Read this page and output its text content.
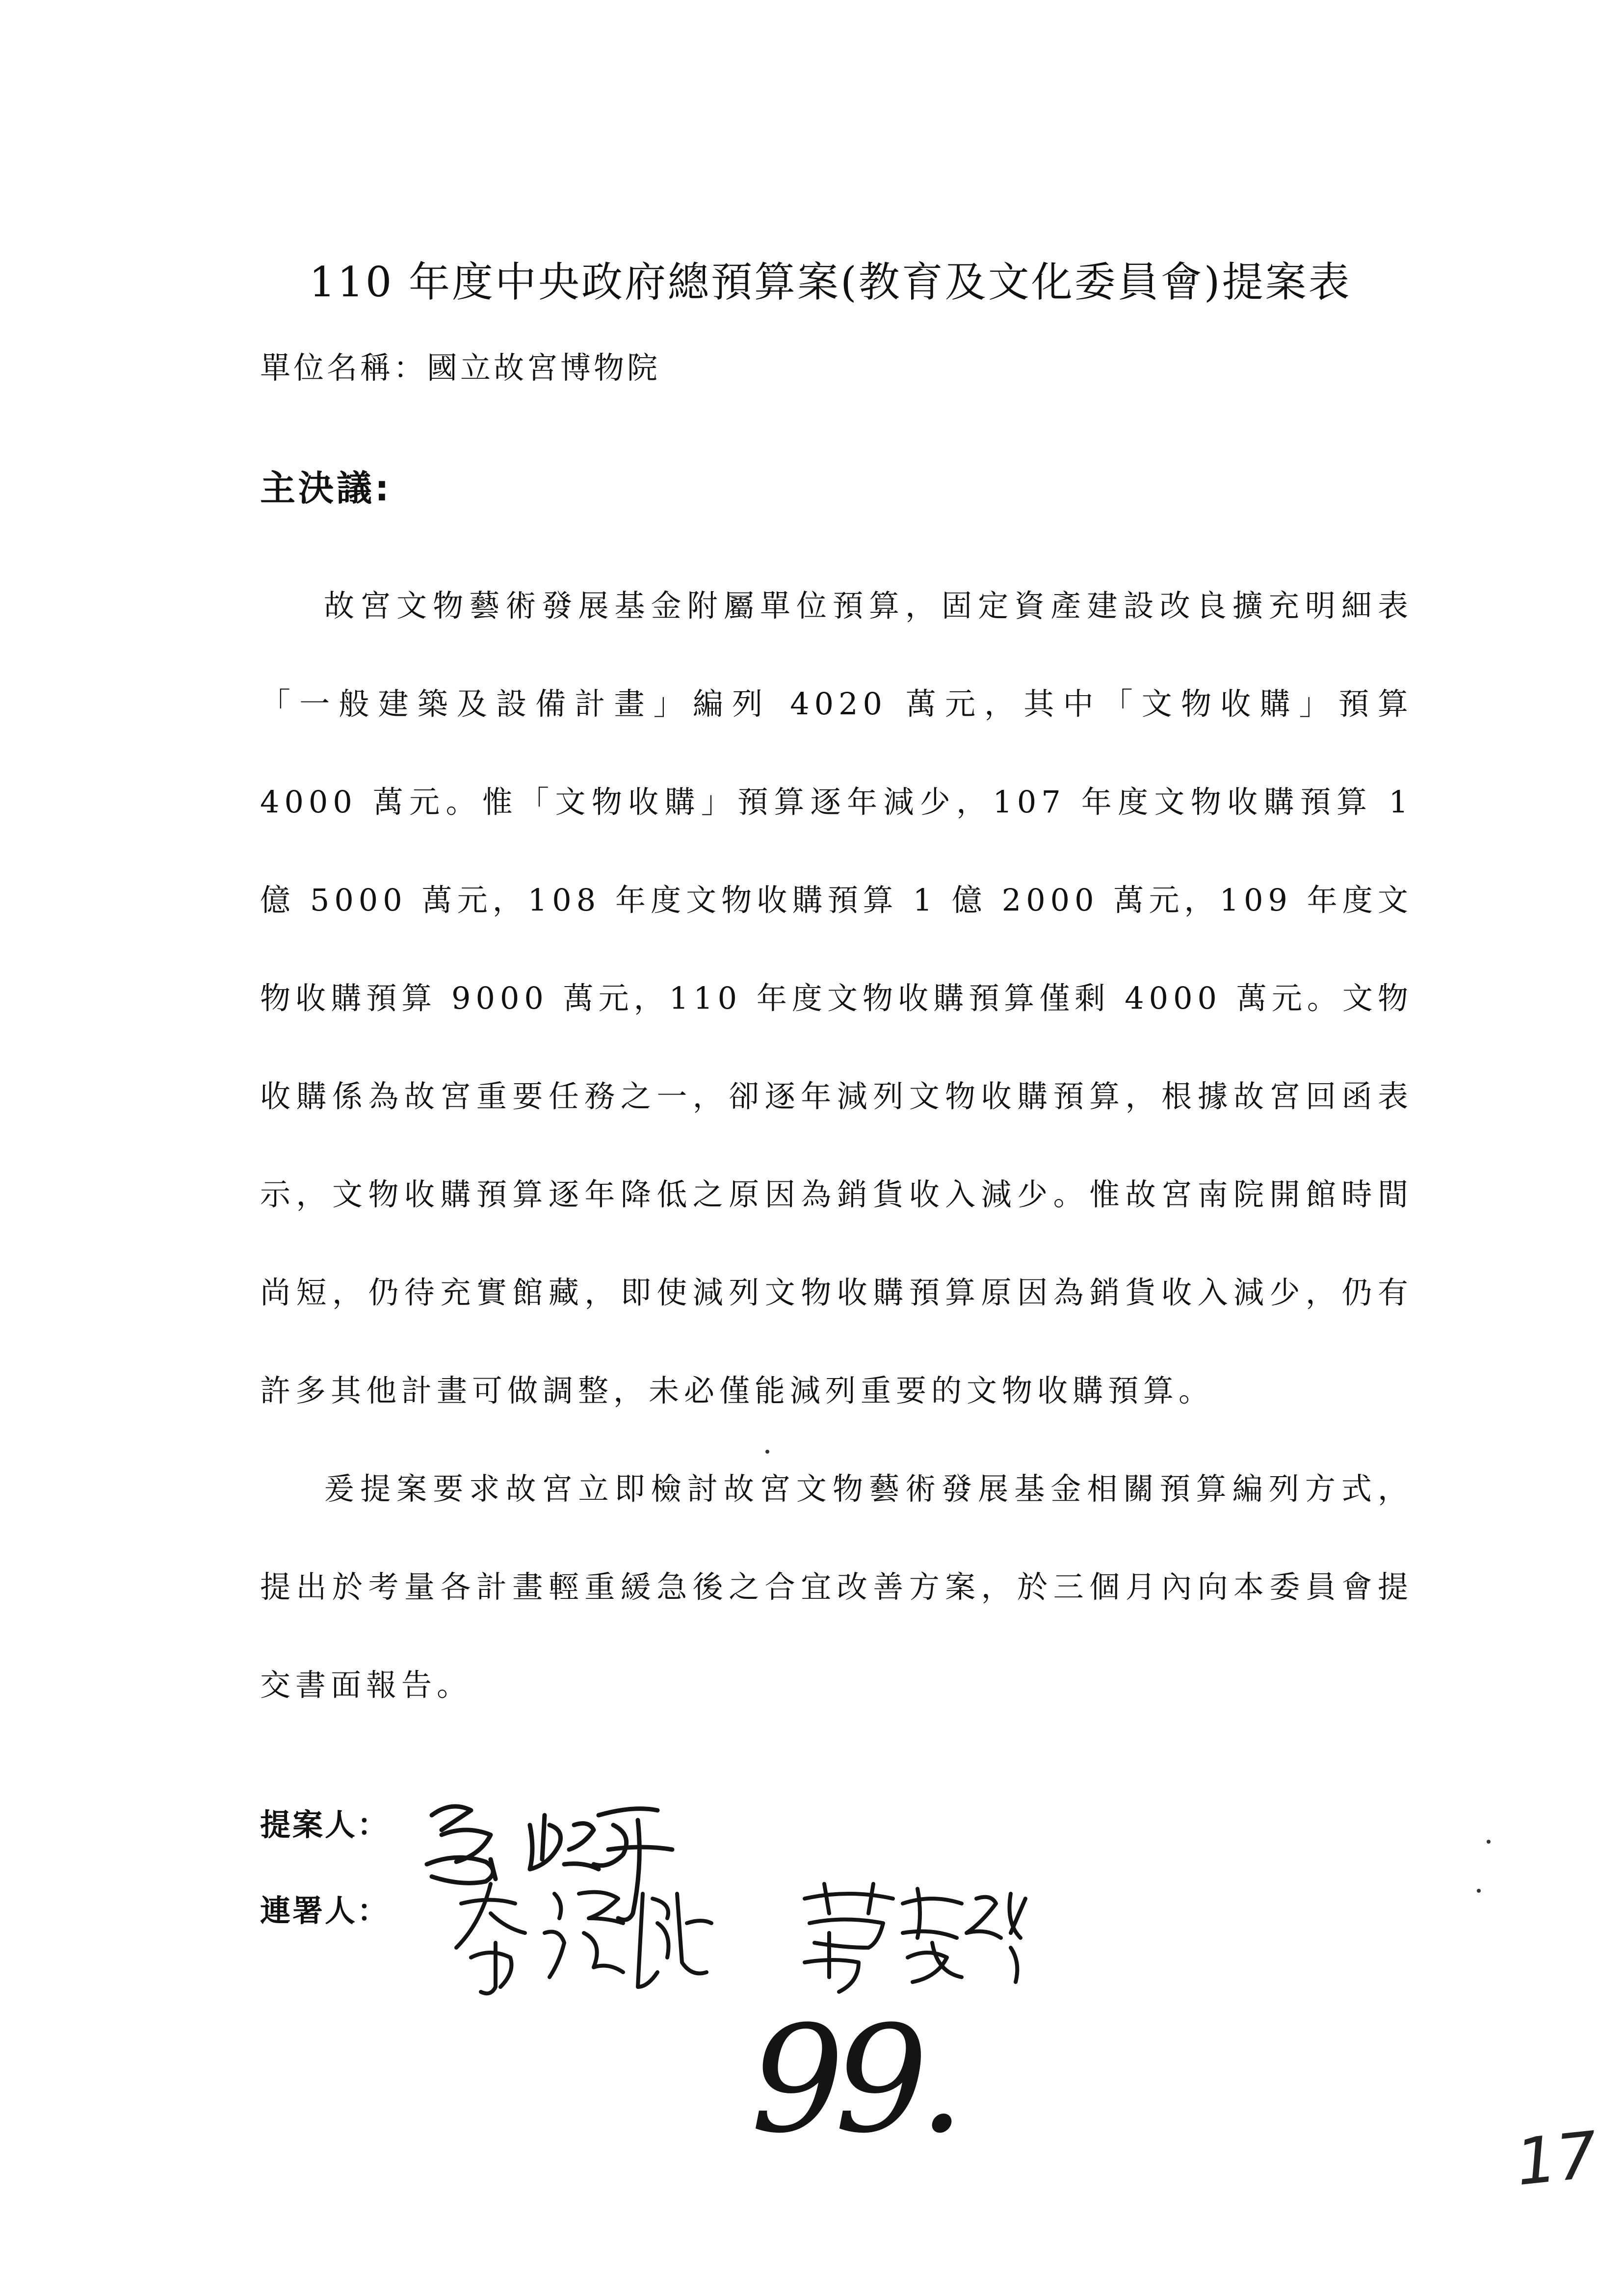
110 年度中央政府總預算案(教育及文化委員會)提案表
單位名稱：國立故宮博物院
主決議:
故宮文物藝術發展基金附屬單位預算，固定資產建設改良擴充明細表「一般建築及設備計畫」編列 4020 萬元，其中「文物收購」預算 4000 萬元。惟「文物收購」預算逐年減少，107 年度文物收購預算 1 億 5000 萬元，108 年度文物收購預算 1 億 2000 萬元，109 年度文物收購預算 9000 萬元，110 年度文物收購預算僅剩 4000 萬元。文物收購係為故宮重要任務之一，卻逐年減列文物收購預算，根據故宮回函表示，文物收購預算逐年降低之原因為銷貨收入減少。惟故宮南院開館時間尚短，仍待充實館藏，即使減列文物收購預算原因為銷貨收入減少，仍有許多其他計畫可做調整，未必僅能減列重要的文物收購預算。
爰提案要求故宮立即檢討故宮文物藝術發展基金相關預算編列方式，提出於考量各計畫輕重緩急後之合宜改善方案，於三個月內向本委員會提交書面報告。
提案人：
連署人：
99.	17
